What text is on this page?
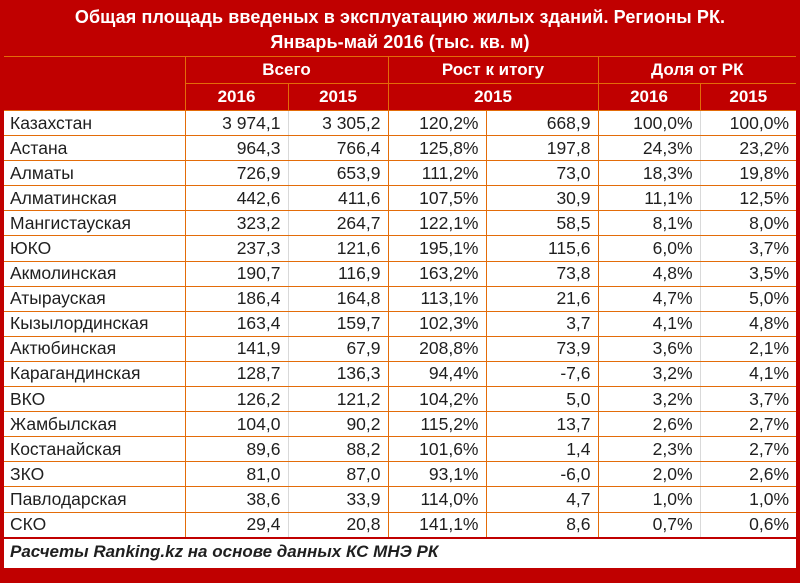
Общая площадь введеных в эксплуатацию жилых зданий. Регионы РК.
Январь-май 2016 (тыс. кв. м)
	Всего		Рост к итогу		Доля от РК	
	2016	2015	2015		2016	2015
Казахстан	3 974,1	3 305,2	120,2%	668,9	100,0%	100,0%
Астана	964,3	766,4	125,8%	197,8	24,3%	23,2%
Алматы	726,9	653,9	111,2%	73,0	18,3%	19,8%
Алматинская	442,6	411,6	107,5%	30,9	11,1%	12,5%
Мангистауская	323,2	264,7	122,1%	58,5	8,1%	8,0%
ЮКО	237,3	121,6	195,1%	115,6	6,0%	3,7%
Акмолинская	190,7	116,9	163,2%	73,8	4,8%	3,5%
Атырауская	186,4	164,8	113,1%	21,6	4,7%	5,0%
Кызылординская	163,4	159,7	102,3%	3,7	4,1%	4,8%
Актюбинская	141,9	67,9	208,8%	73,9	3,6%	2,1%
Карагандинская	128,7	136,3	94,4%	-7,6	3,2%	4,1%
ВКО	126,2	121,2	104,2%	5,0	3,2%	3,7%
Жамбылская	104,0	90,2	115,2%	13,7	2,6%	2,7%
Костанайская	89,6	88,2	101,6%	1,4	2,3%	2,7%
ЗКО	81,0	87,0	93,1%	-6,0	2,0%	2,6%
Павлодарская	38,6	33,9	114,0%	4,7	1,0%	1,0%
СКО	29,4	20,8	141,1%	8,6	0,7%	0,6%
Расчеты Ranking.kz на основе данных КС МНЭ РК						
